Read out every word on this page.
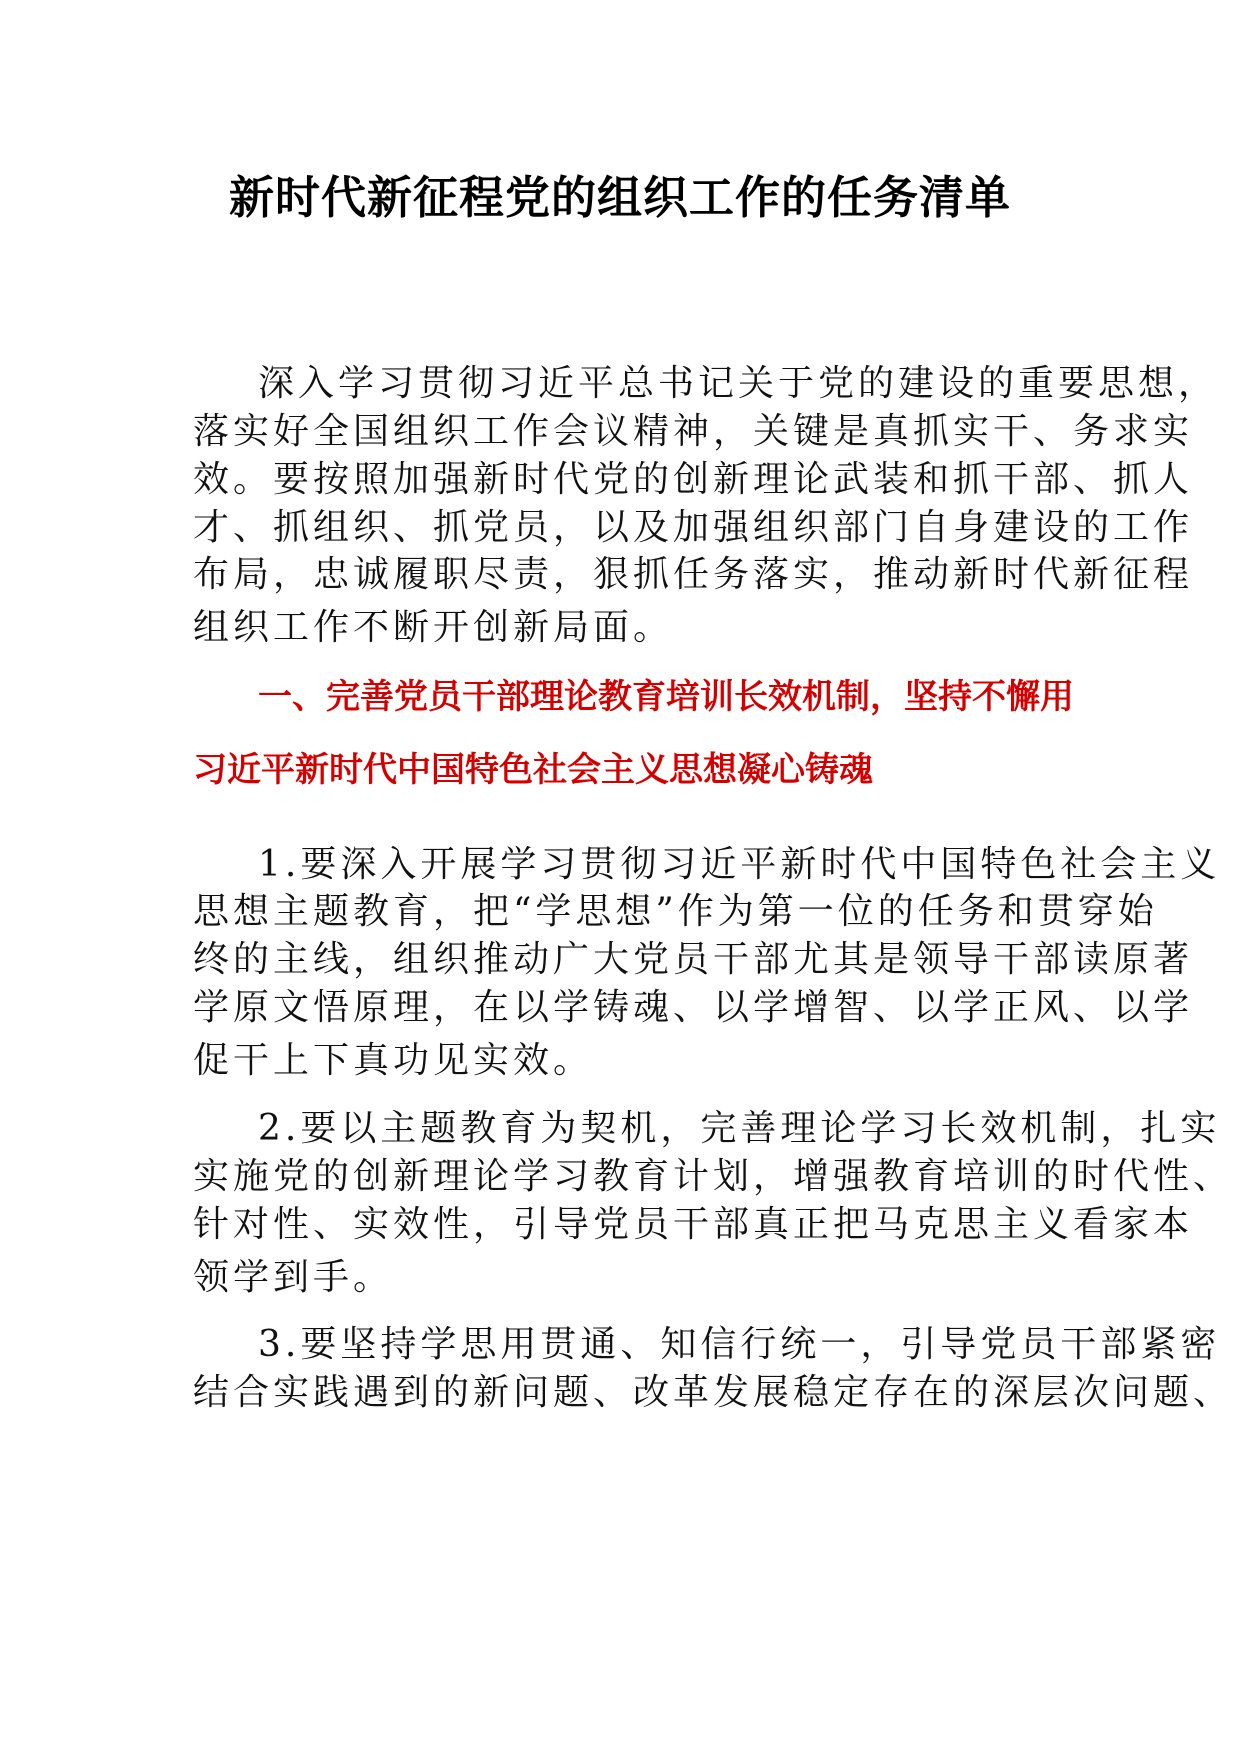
新时代新征程党的组织工作的任务清单
深入学习贯彻习近平总书记关于党的建设的重要思想，
落实好全国组织工作会议精神，关键是真抓实干、务求实
效。要按照加强新时代党的创新理论武装和抓干部、抓人
才、抓组织、抓党员，以及加强组织部门自身建设的工作
布局，忠诚履职尽责，狠抓任务落实，推动新时代新征程
组织工作不断开创新局面。
一、完善党员干部理论教育培训长效机制，坚持不懈用
习近平新时代中国特色社会主义思想凝心铸魂
1.要深入开展学习贯彻习近平新时代中国特色社会主义
思想主题教育，把“学思想”作为第一位的任务和贯穿始
终的主线，组织推动广大党员干部尤其是领导干部读原著
学原文悟原理，在以学铸魂、以学增智、以学正风、以学
促干上下真功见实效。
2.要以主题教育为契机，完善理论学习长效机制，扎实
实施党的创新理论学习教育计划，增强教育培训的时代性、
针对性、实效性，引导党员干部真正把马克思主义看家本
领学到手。
3.要坚持学思用贯通、知信行统一，引导党员干部紧密
结合实践遇到的新问题、改革发展稳定存在的深层次问题、
